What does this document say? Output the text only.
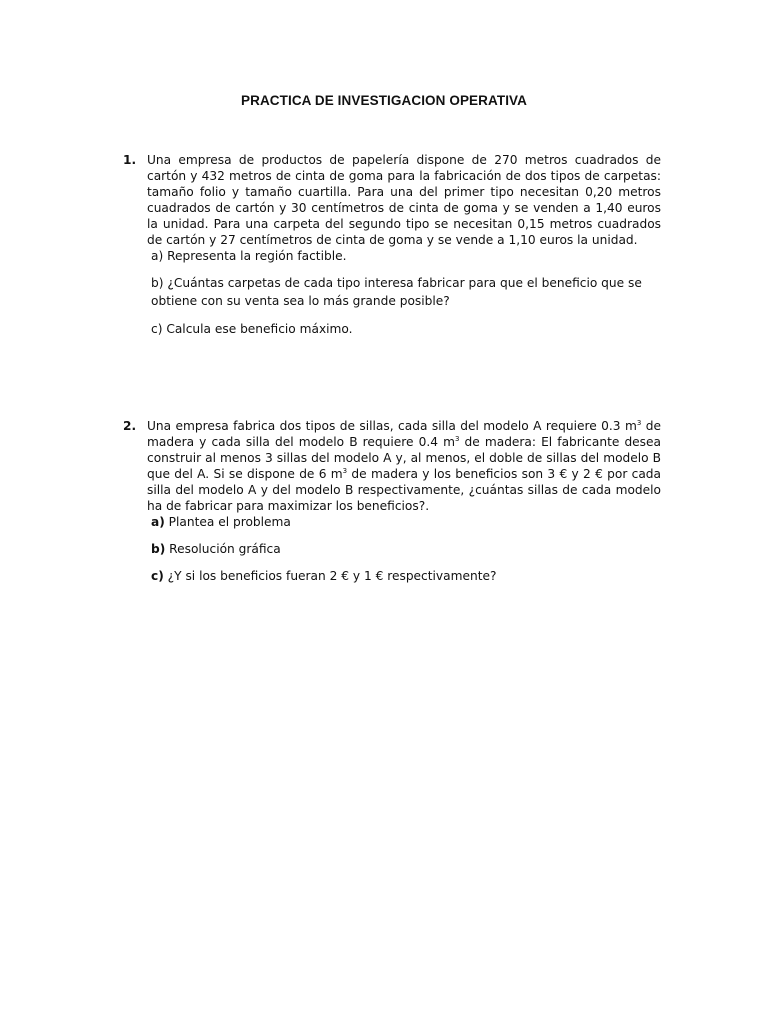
PRACTICA DE INVESTIGACION OPERATIVA
1. Una empresa de productos de papelería dispone de 270 metros cuadrados de cartón y 432 metros de cinta de goma para la fabricación de dos tipos de carpetas: tamaño folio y tamaño cuartilla. Para una del primer tipo necesitan 0,20 metros cuadrados de cartón y 30 centímetros de cinta de goma y se venden a 1,40 euros la unidad. Para una carpeta del segundo tipo se necesitan 0,15 metros cuadrados de cartón y 27 centímetros de cinta de goma y se vende a 1,10 euros la unidad.
a) Representa la región factible.
b) ¿Cuántas carpetas de cada tipo interesa fabricar para que el beneficio que se obtiene con su venta sea lo más grande posible?
c) Calcula ese beneficio máximo.
2. Una empresa fabrica dos tipos de sillas, cada silla del modelo A requiere 0.3 $m^3$ de madera y cada silla del modelo B requiere 0.4 $m^3$ de madera: El fabricante desea construir al menos 3 sillas del modelo A y, al menos, el doble de sillas del modelo B que del A. Si se dispone de 6 $m^3$ de madera y los beneficios son 3 € y 2 € por cada silla del modelo A y del modelo B respectivamente, ¿cuántas sillas de cada modelo ha de fabricar para maximizar los beneficios?.
a) Plantea el problema
b) Resolución gráfica
c) ¿Y si los beneficios fueran 2 € y 1 € respectivamente?
